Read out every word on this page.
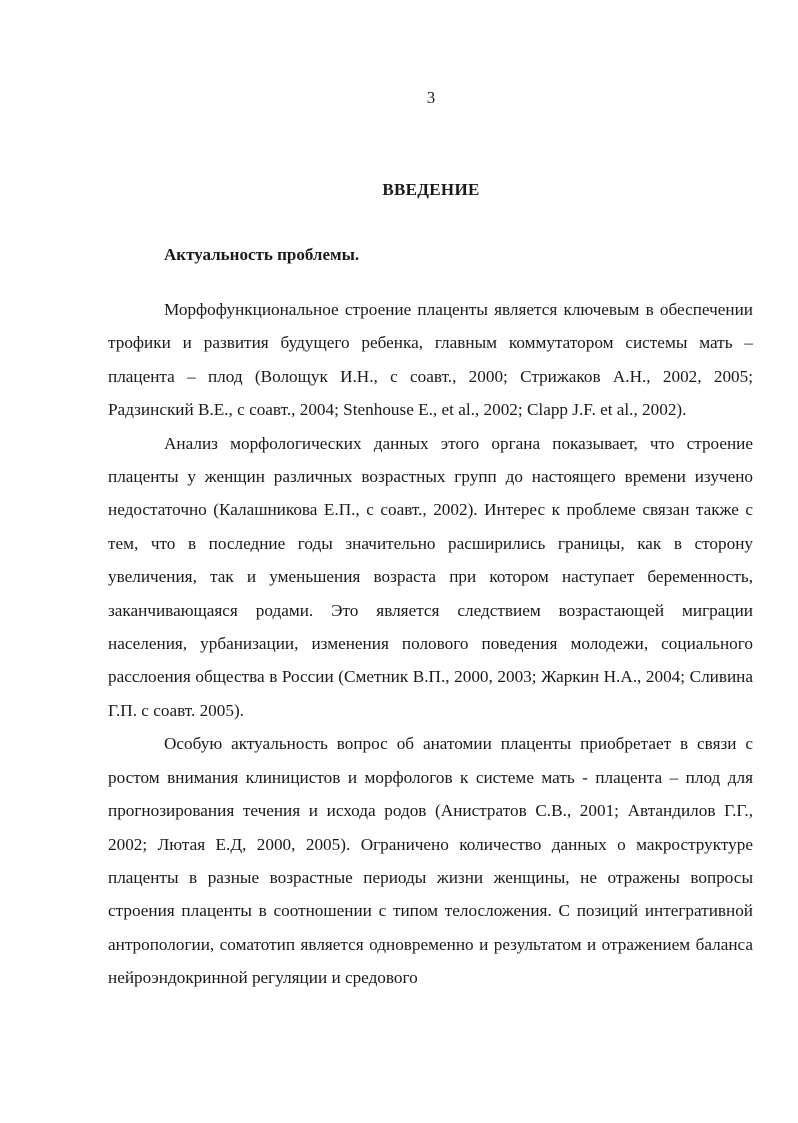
3
ВВЕДЕНИЕ
Актуальность проблемы.

Морфофункциональное строение плаценты является ключевым в обеспечении трофики и развития будущего ребенка, главным коммутатором системы мать – плацента – плод (Волощук И.Н., с соавт., 2000; Стрижаков А.Н., 2002, 2005; Радзинский В.Е., с соавт., 2004; Stenhouse E., et al., 2002; Clapp J.F. et al., 2002).

Анализ морфологических данных этого органа показывает, что строение плаценты у женщин различных возрастных групп до настоящего времени изучено недостаточно (Калашникова Е.П., с соавт., 2002). Интерес к проблеме связан также с тем, что в последние годы значительно расширились границы, как в сторону увеличения, так и уменьшения возраста при котором наступает беременность, заканчивающаяся родами. Это является следствием возрастающей миграции населения, урбанизации, изменения полового поведения молодежи, социального расслоения общества в России (Сметник В.П., 2000, 2003; Жаркин Н.А., 2004; Сливина Г.П. с соавт. 2005).

Особую актуальность вопрос об анатомии плаценты приобретает в связи с ростом внимания клиницистов и морфологов к системе мать - плацента – плод для прогнозирования течения и исхода родов (Анистратов С.В., 2001; Автандилов Г.Г., 2002; Лютая Е.Д, 2000, 2005). Ограничено количество данных о макроструктуре плаценты в разные возрастные периоды жизни женщины, не отражены вопросы строения плаценты в соотношении с типом телосложения. С позиций интегративной антропологии, соматотип является одновременно и результатом и отражением баланса нейроэндокринной регуляции и средового
